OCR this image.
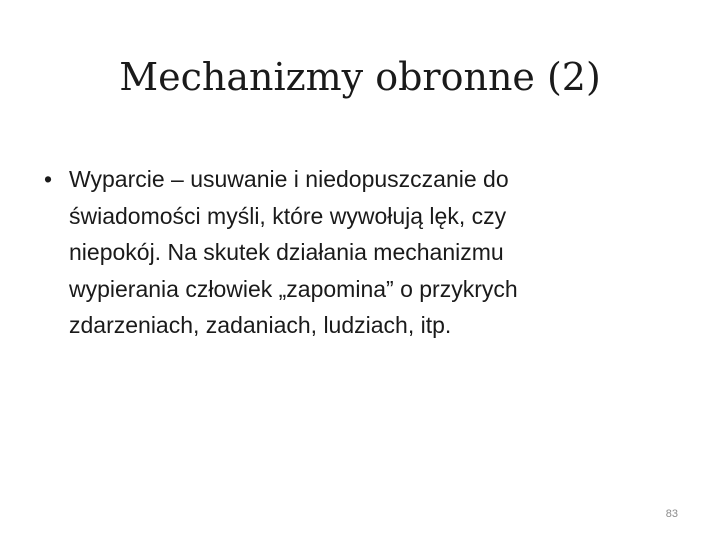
Mechanizmy obronne (2)
• Wyparcie – usuwanie i niedopuszczanie do
świadomości myśli, które wywołują lęk, czy
niepokój. Na skutek działania mechanizmu
wypierania człowiek „zapomina” o przykrych
zdarzeniach, zadaniach, ludziach, itp.
83
